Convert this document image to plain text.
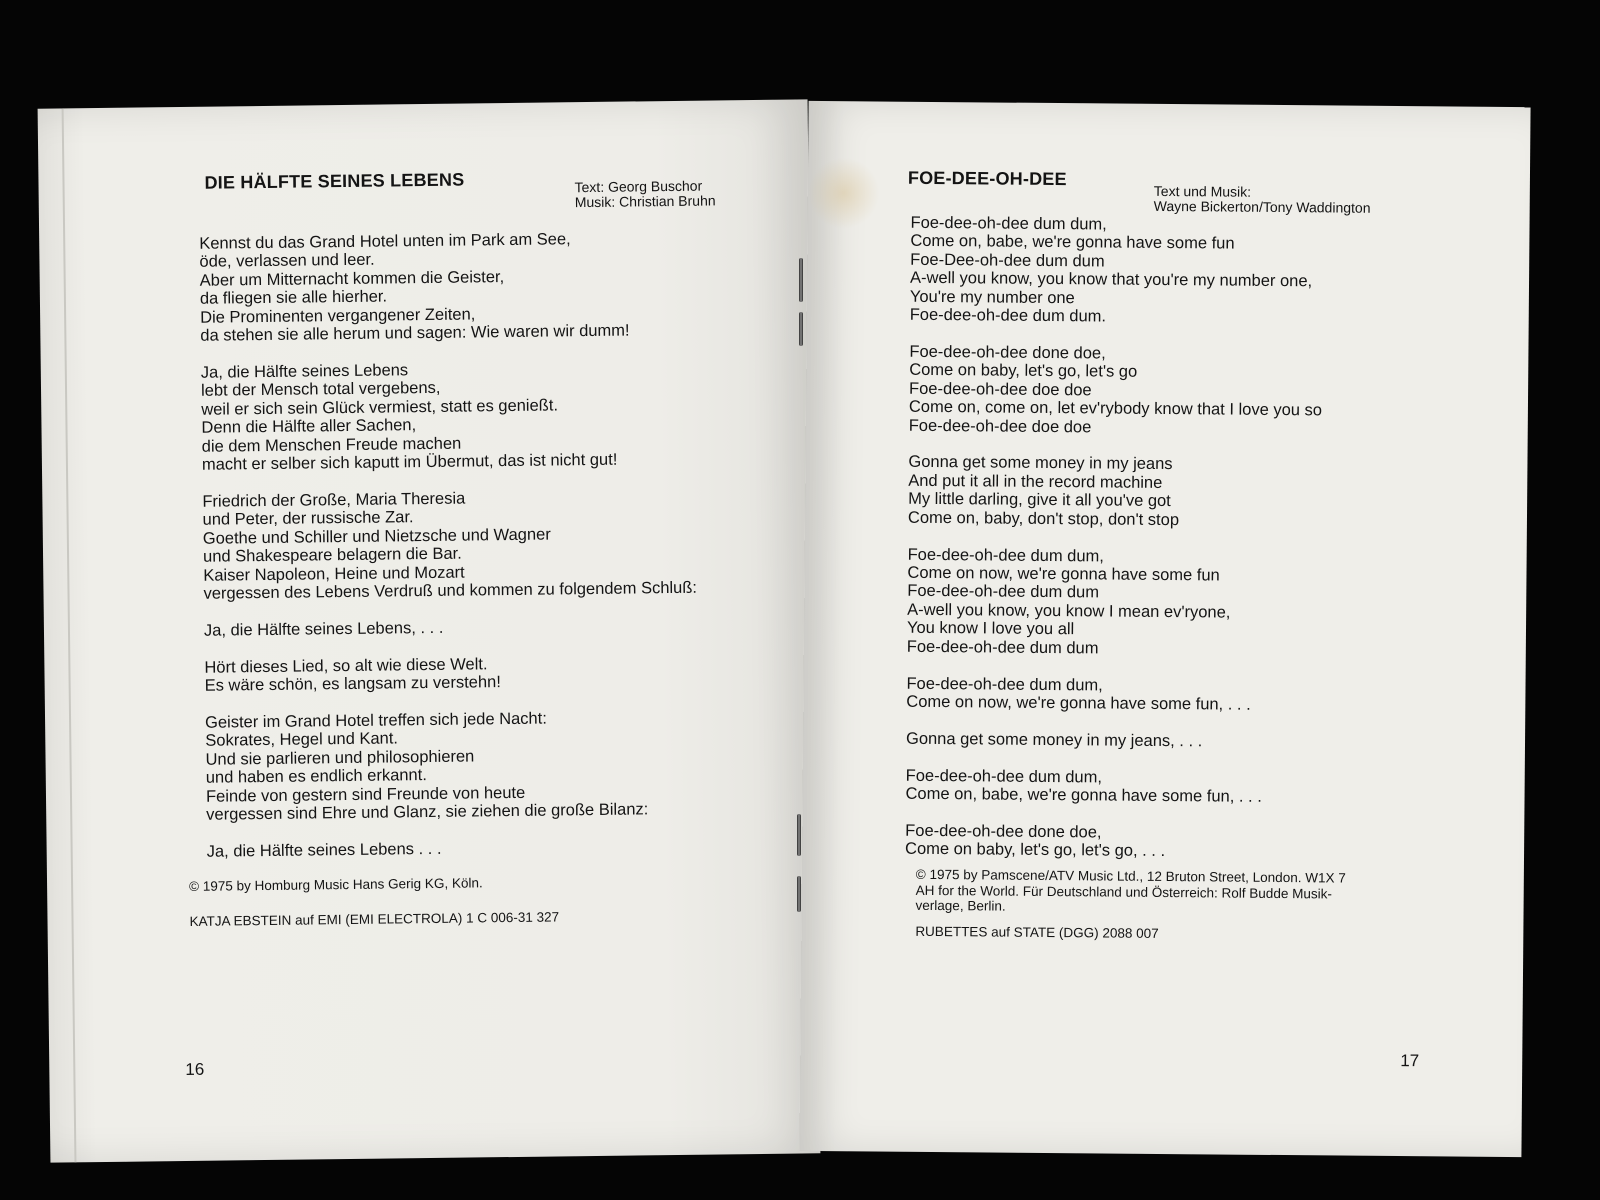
DIE HÄLFTE SEINES LEBENS	Text: Georg Buschor
Musik: Christian Bruhn
Kennst du das Grand Hotel unten im Park am See,
öde, verlassen und leer.
Aber um Mitternacht kommen die Geister,
da fliegen sie alle hierher.
Die Prominenten vergangener Zeiten,
da stehen sie alle herum und sagen: Wie waren wir dumm!
Ja, die Hälfte seines Lebens
lebt der Mensch total vergebens,
weil er sich sein Glück vermiest, statt es genießt.
Denn die Hälfte aller Sachen,
die dem Menschen Freude machen
macht er selber sich kaputt im Übermut, das ist nicht gut!
Friedrich der Große, Maria Theresia
und Peter, der russische Zar.
Goethe und Schiller und Nietzsche und Wagner
und Shakespeare belagern die Bar.
Kaiser Napoleon, Heine und Mozart
vergessen des Lebens Verdruß und kommen zu folgendem Schluß:
Ja, die Hälfte seines Lebens, . . .
Hört dieses Lied, so alt wie diese Welt.
Es wäre schön, es langsam zu verstehn!
Geister im Grand Hotel treffen sich jede Nacht:
Sokrates, Hegel und Kant.
Und sie parlieren und philosophieren
und haben es endlich erkannt.
Feinde von gestern sind Freunde von heute
vergessen sind Ehre und Glanz, sie ziehen die große Bilanz:
Ja, die Hälfte seines Lebens . . .
© 1975 by Homburg Music Hans Gerig KG, Köln.
KATJA EBSTEIN auf EMI (EMI ELECTROLA) 1 C 006-31 327
16
FOE-DEE-OH-DEE
Text und Musik:
Wayne Bickerton/Tony Waddington
Foe-dee-oh-dee dum dum,
Come on, babe, we're gonna have some fun
Foe-Dee-oh-dee dum dum
A-well you know, you know that you're my number one,
You're my number one
Foe-dee-oh-dee dum dum.
Foe-dee-oh-dee done doe,
Come on baby, let's go, let's go
Foe-dee-oh-dee doe doe
Come on, come on, let ev'rybody know that I love you so
Foe-dee-oh-dee doe doe
Gonna get some money in my jeans
And put it all in the record machine
My little darling, give it all you've got
Come on, baby, don't stop, don't stop
Foe-dee-oh-dee dum dum,
Come on now, we're gonna have some fun
Foe-dee-oh-dee dum dum
A-well you know, you know I mean ev'ryone,
You know I love you all
Foe-dee-oh-dee dum dum
Foe-dee-oh-dee dum dum,
Come on now, we're gonna have some fun, . . .
Gonna get some money in my jeans, . . .
Foe-dee-oh-dee dum dum,
Come on, babe, we're gonna have some fun, . . .
Foe-dee-oh-dee done doe,
Come on baby, let's go, let's go, . . .
© 1975 by Pamscene/ATV Music Ltd., 12 Bruton Street, London. W1X 7
AH for the World. Für Deutschland und Österreich: Rolf Budde Musik-
verlage, Berlin.
RUBETTES auf STATE (DGG) 2088 007
17
